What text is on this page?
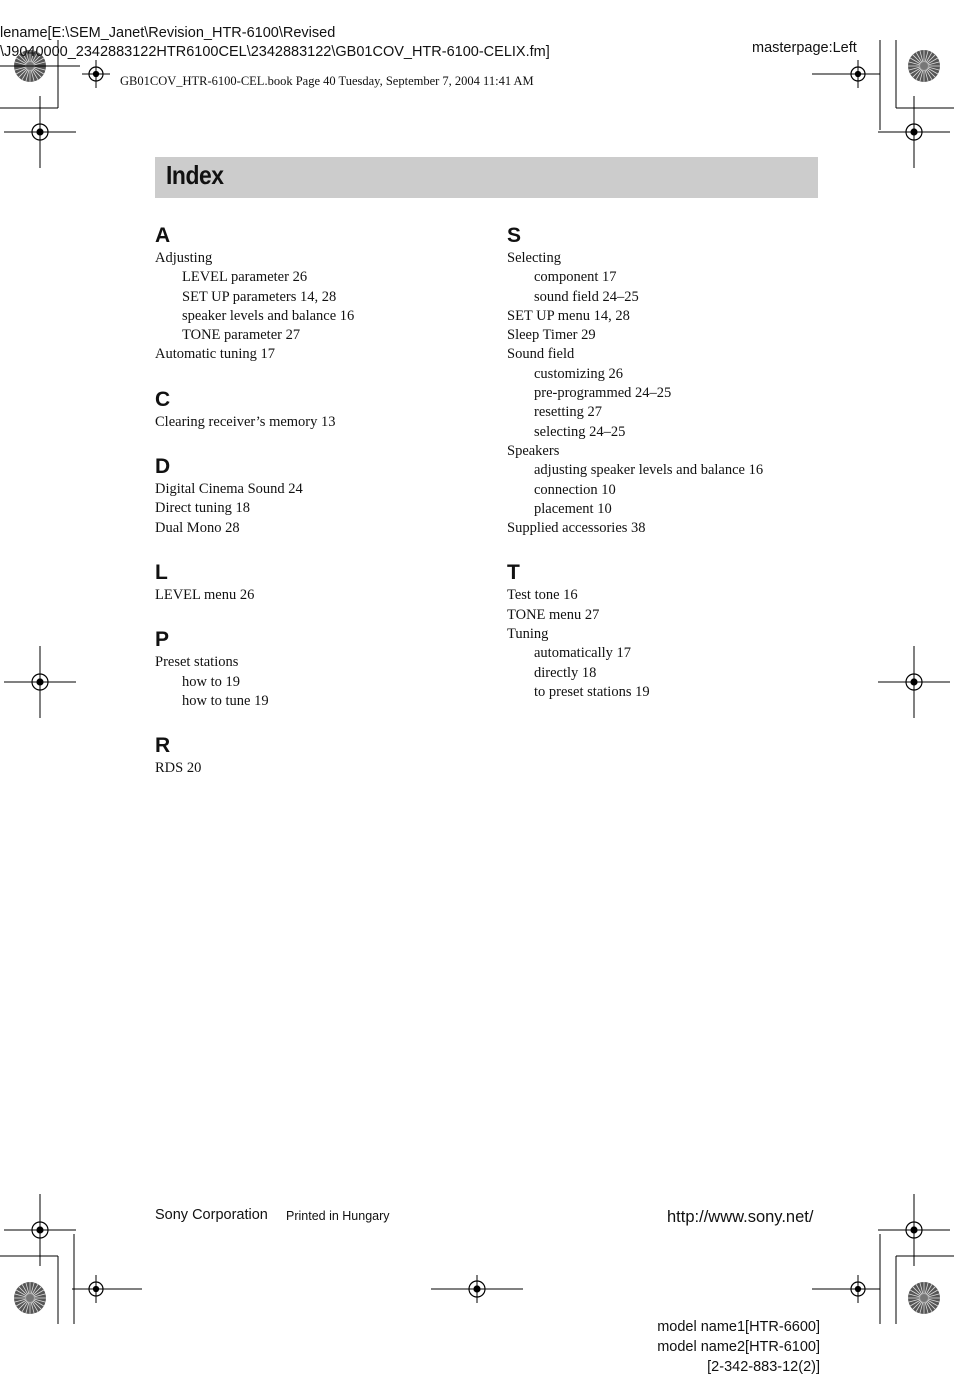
lename[E:\SEM_Janet\Revision_HTR-6100\Revised
\J9040000_2342883122HTR6100CEL\2342883122\GB01COV_HTR-6100-CELIX.fm]	masterpage:Left
GB01COV_HTR-6100-CEL.book Page 40 Tuesday, September 7, 2004 11:41 AM
Index
A
Adjusting
LEVEL parameter 26
SET UP parameters 14, 28
speaker levels and balance 16
TONE parameter 27
Automatic tuning 17
C
Clearing receiver’s memory 13
D
Digital Cinema Sound 24
Direct tuning 18
Dual Mono 28
L
LEVEL menu 26
P
Preset stations
how to 19
how to tune 19
R
RDS 20
S
Selecting
component 17
sound field 24–25
SET UP menu 14, 28
Sleep Timer 29
Sound field
customizing 26
pre-programmed 24–25
resetting 27
selecting 24–25
Speakers
adjusting speaker levels and balance 16
connection 10
placement 10
Supplied accessories 38
T
Test tone 16
TONE menu 27
Tuning
automatically 17
directly 18
to preset stations 19
Sony Corporation Printed in Hungary	http://www.sony.net/
model name1[HTR-6600]
model name2[HTR-6100]
[2-342-883-12(2)]
